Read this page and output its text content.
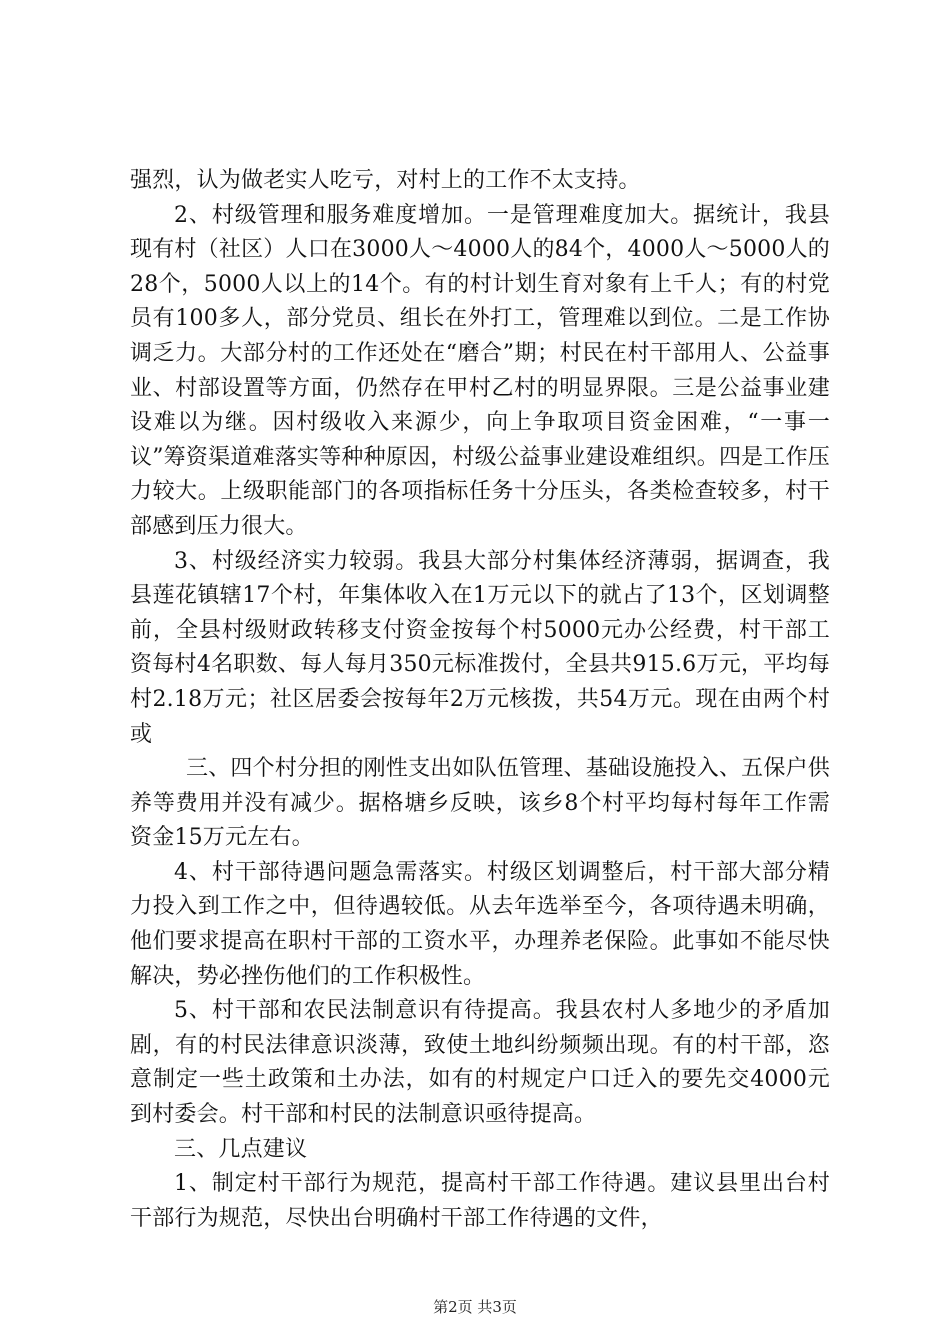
强烈，认为做老实人吃亏，对村上的工作不太支持。

2、村级管理和服务难度增加。一是管理难度加大。据统计，我县现有村（社区）人口在3000人～4000人的84个，4000人～5000人的28个，5000人以上的14个。有的村计划生育对象有上千人；有的村党员有100多人，部分党员、组长在外打工，管理难以到位。二是工作协调乏力。大部分村的工作还处在“磨合”期；村民在村干部用人、公益事业、村部设置等方面，仍然存在甲村乙村的明显界限。三是公益事业建设难以为继。因村级收入来源少，向上争取项目资金困难，“一事一议”筹资渠道难落实等种种原因，村级公益事业建设难组织。四是工作压力较大。上级职能部门的各项指标任务十分压头，各类检查较多，村干部感到压力很大。

3、村级经济实力较弱。我县大部分村集体经济薄弱，据调查，我县莲花镇辖17个村，年集体收入在1万元以下的就占了13个，区划调整前，全县村级财政转移支付资金按每个村5000元办公经费，村干部工资每村4名职数、每人每月350元标准拨付，全县共915.6万元，平均每村2.18万元；社区居委会按每年2万元核拨，共54万元。现在由两个村或

三、四个村分担的刚性支出如队伍管理、基础设施投入、五保户供养等费用并没有减少。据格塘乡反映，该乡8个村平均每村每年工作需资金15万元左右。

4、村干部待遇问题急需落实。村级区划调整后，村干部大部分精力投入到工作之中，但待遇较低。从去年选举至今，各项待遇未明确，他们要求提高在职村干部的工资水平，办理养老保险。此事如不能尽快解决，势必挫伤他们的工作积极性。

5、村干部和农民法制意识有待提高。我县农村人多地少的矛盾加剧，有的村民法律意识淡薄，致使土地纠纷频频出现。有的村干部，恣意制定一些土政策和土办法，如有的村规定户口迁入的要先交4000元到村委会。村干部和村民的法制意识亟待提高。

三、几点建议

1、制定村干部行为规范，提高村干部工作待遇。建议县里出台村干部行为规范，尽快出台明确村干部工作待遇的文件，

第2页 共3页
